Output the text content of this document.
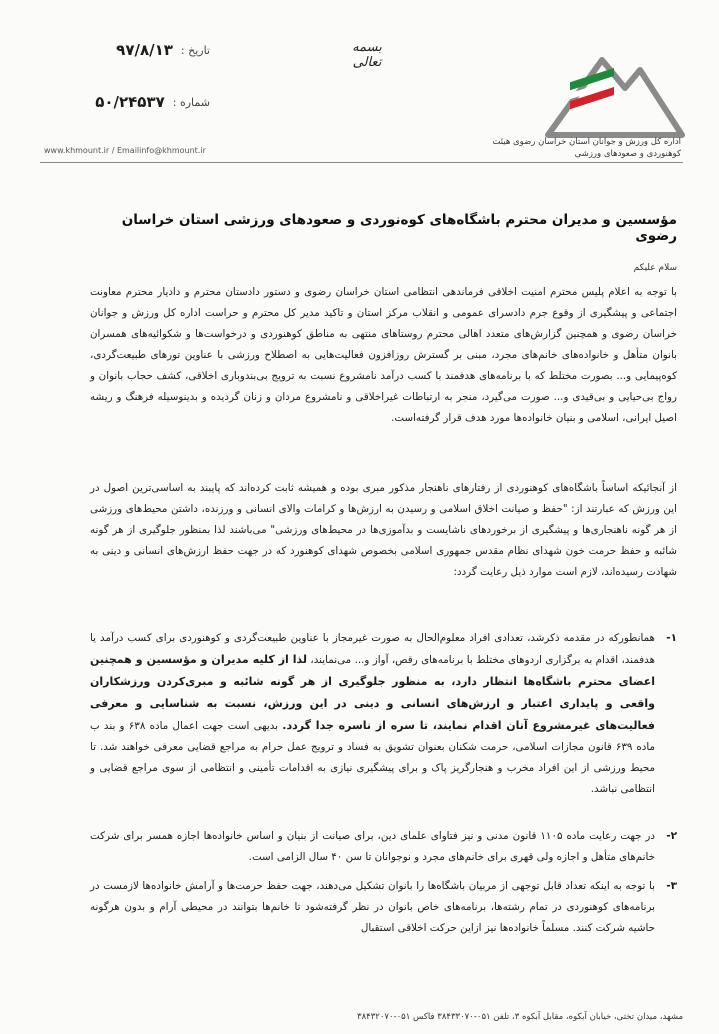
اداره کل ورزش و جوانان استان خراسان رضوی هیئت کوهنوردی و صعودهای ورزشی
بسمه تعالی
تاریخ :
۹۷/۸/۱۳
شماره :
۵۰/۲۴۵۳۷
www.khmount.ir / Emailinfo@khmount.ir
مؤسسین و مدیران محترم باشگاه‌های کوه‌نوردی و صعودهای ورزشی استان خراسان رضوی
سلام علیکم
با توجه به اعلام پلیس محترم امنیت اخلاقی فرماندهی انتظامی استان خراسان رضوی و دستور دادستان محترم و دادیار محترم معاونت اجتماعی و پیشگیری از وقوع جرم دادسرای عمومی و انقلاب مرکز استان و تاکید مدیر کل محترم و حراست اداره کل ورزش و جوانان خراسان رضوی و همچنین گزارش‌های متعدد اهالی محترم روستاهای منتهی به مناطق کوهنوردی و درخواست‌ها و شکوائیه‌های همسران بانوان متأهل و خانواده‌های خانم‌های مجرد، مبنی بر گسترش روزافزون فعالیت‌هایی به اصطلاح ورزشی با عناوین تورهای طبیعت‌گردی، کوه‌پیمایی و... بصورت مختلط که با برنامه‌های هدفمند با کسب درآمد نامشروع نسبت به ترویج بی‌بندوباری اخلاقی، کشف حجاب بانوان و رواج بی‌حیایی و بی‌قیدی و... صورت می‌گیرد، منجر به ارتباطات غیراخلاقی و نامشروع مردان و زنان گردیده و بدینوسیله فرهنگ و ریشه اصیل ایرانی، اسلامی و بنیان خانواده‌ها مورد هدف قرار گرفته‌است.
از آنجائیکه اساساً باشگاه‌های کوهنوردی از رفتارهای ناهنجار مذکور مبری بوده و همیشه ثابت کرده‌اند که پایبند به اساسی‌ترین اصول در این ورزش که عبارتند از: "حفظ و صیانت اخلاق اسلامی و رسیدن به ارزش‌ها و کرامات والای انسانی و ورزنده، داشتن محیط‌های ورزشی از هر گونه ناهنجاری‌ها و پیشگیری از برخوردهای ناشایست و بدآموزی‌ها در محیط‌های ورزشی" می‌باشند لذا بمنظور جلوگیری از هر گونه شائبه و حفظ حرمت خون شهدای نظام مقدس جمهوری اسلامی بخصوص شهدای کوهنورد که در جهت حفظ ارزش‌های انسانی و دینی به شهادت رسیده‌اند، لازم است موارد ذیل رعایت گردد:
۱-
همانطورکه در مقدمه ذکرشد، تعدادی افراد معلوم‌الحال به صورت غیرمجاز با عناوین طبیعت‌گردی و کوهنوردی برای کسب درآمد یا هدفمند، اقدام به برگزاری اردوهای مختلط با برنامه‌های رقص، آواز و... می‌نمایند، لذا از کلیه مدیران و مؤسسین و همچنین اعضای محترم باشگاه‌ها انتظار دارد، به منظور جلوگیری از هر گونه شائبه و مبری‌کردن ورزشکاران واقعی و پایداری اعتبار و ارزش‌های انسانی و دینی در این ورزش، نسبت به شناسایی و معرفی فعالیت‌های غیرمشروع آنان اقدام نمایند، تا سره از ناسره جدا گردد. بدیهی است جهت اعمال ماده ۶۳۸ و بند ب ماده ۶۳۹ قانون مجازات اسلامی، حرمت شکنان بعنوان تشویق به فساد و ترویج عمل حرام به مراجع قضایی معرفی خواهند شد. تا محیط ورزشی از این افراد مخرب و هنجارگریز پاک و برای پیشگیری نیازی به اقدامات تأمینی و انتظامی از سوی مراجع قضایی و انتظامی نباشد.
۲-
در جهت رعایت ماده ۱۱۰۵ قانون مدنی و نیز فتاوای علمای دین، برای صیانت از بنیان و اساس خانواده‌ها اجازه همسر برای شرکت خانم‌های متأهل و اجازه ولی قهری برای خانم‌های مجرد و نوجوانان تا سن ۴۰ سال الزامی است.
۳-
با توجه به اینکه تعداد قابل توجهی از مربیان باشگاه‌ها را بانوان تشکیل می‌دهند، جهت حفظ حرمت‌ها و آرامش خانواده‌ها لازمست در برنامه‌های کوهنوردی در تمام رشته‌ها، برنامه‌های خاص بانوان در نظر گرفته‌شود تا خانم‌ها بتوانند در محیطی آرام و بدون هرگونه حاشیه شرکت کنند. مسلماً خانواده‌ها نیز ازاین حرکت اخلاقی استقبال
مشهد، میدان تختی، خیابان آبکوه، مقابل آبکوه ۳، تلفن ۰۵۱-۳۸۴۳۳۰۷۰ فاکس ۰۵۱-۳۸۴۳۲۰۷۰
